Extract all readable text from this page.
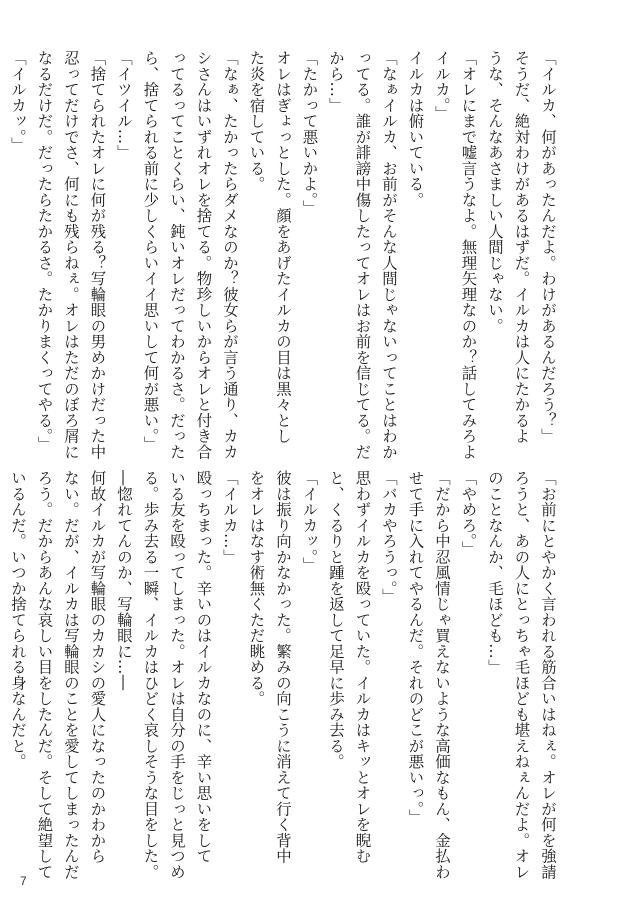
「イルカ、何があったんだよ。わけがあるんだろう？」

そうだ、絶対わけがあるはずだ。イルカは人にたかるよ

うな、そんなあさましい人間じゃない。

「オレにまで嘘言うなよ。無理矢理なのか？話してみろよ

イルカ。」

イルカは俯いている。

「なぁイルカ、お前がそんな人間じゃないってことはわか

ってる。誰が誹謗中傷したってオレはお前を信じてる。だ

から…」

「たかって悪いかよ。」

オレはぎょっとした。顔をあげたイルカの目は黒々とし

た炎を宿している。

「なぁ、たかったらダメなのか？彼女らが言う通り、カカ

シさんはいずれオレを捨てる。物珍しいからオレと付き合

ってるってことくらい、鈍いオレだってわかるさ。だった

ら、捨てられる前に少しくらいイイ思いして何が悪い。」

「イツイル…」

「捨てられたオレに何が残る？写輪眼の男めかけだった中

忍ってだけでさ、何にも残らねぇ。オレはただのぼろ屑に

なるだけだ。だったらたかるさ。たかりまくってやる。」

「イルカッ。」

「お前にとやかく言われる筋合いはねぇ。オレが何を強請

ろうと、あの人にとっちゃ毛ほども堪えねぇんだよ。オレ

のことなんか、毛ほども…」

「やめろ。」

「だから中忍風情じゃ買えないような高価なもん、金払わ

せて手に入れてやるんだ。それのどこが悪いっ。」

「バカやろうっ。」

思わずイルカを殴っていた。イルカはキッとオレを睨む

と、くるりと踵を返して足早に歩み去る。

「イルカッ。」

彼は振り向かなかった。繁みの向こうに消えて行く背中

をオレはなす術無くただ眺める。

「イルカ…」

殴っちまった。辛いのはイルカなのに、辛い思いをして

いる友を殴ってしまった。オレは自分の手をじっと見つめ

る。歩み去る一瞬、イルカはひどく哀しそうな目をした。

―惚れてんのか、写輪眼に…―

何故イルカが写輪眼のカカシの愛人になったのかわから

ない。だが、イルカは写輪眼のことを愛してしまったんだ

ろう。だからあんな哀しい目をしたんだ。そして絶望して

いるんだ。いつか捨てられる身なんだと。

7
